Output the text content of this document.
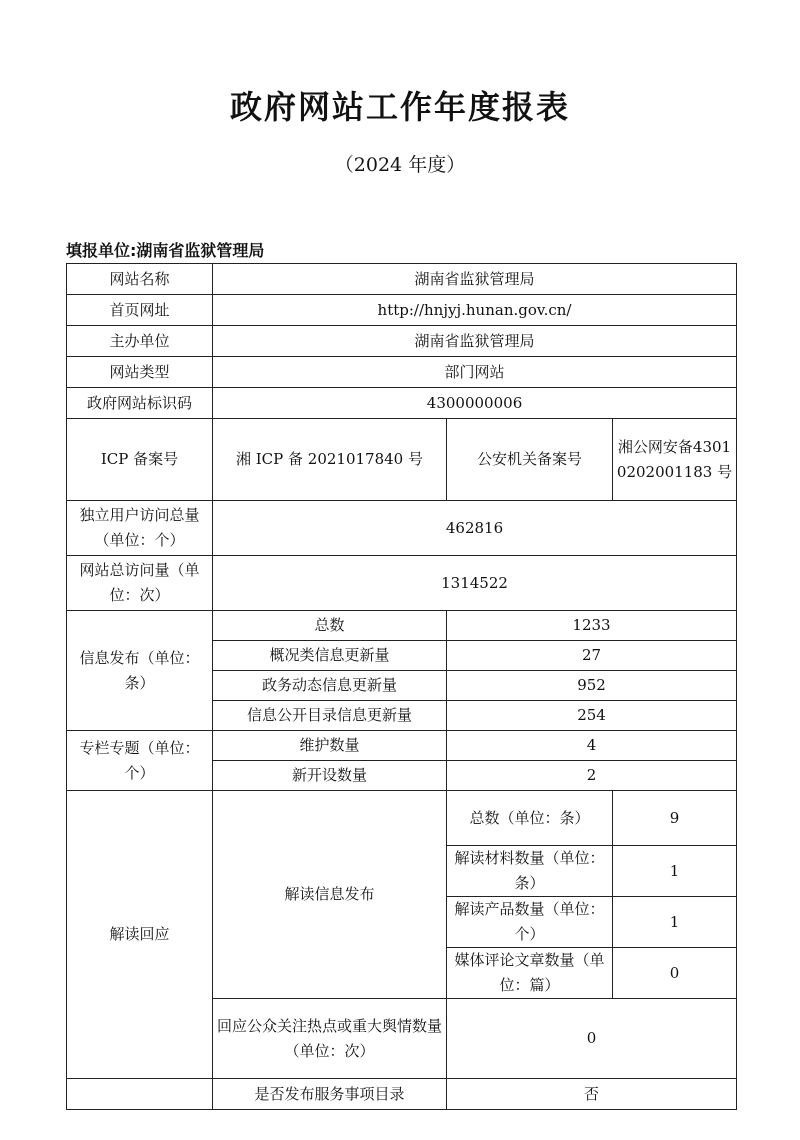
政府网站工作年度报表

（2024 年度）

填报单位:湖南省监狱管理局
网站名称	湖南省监狱管理局		
首页网址	http://hnjyj.hunan.gov.cn/		
主办单位	湖南省监狱管理局		
网站类型	部门网站		
政府网站标识码	4300000006		
ICP 备案号	湘 ICP 备 2021017840 号	公安机关备案号	湘公网安备43010202001183 号
独立用户访问总量（单位：个）	462816		
网站总访问量（单位：次）	1314522		
信息发布（单位：条）	总数	1233	
	概况类信息更新量	27	
	政务动态信息更新量	952	
	信息公开目录信息更新量	254	
专栏专题（单位：个）	维护数量	4	
	新开设数量	2	
解读回应	解读信息发布	总数（单位：条）	9
		解读材料数量（单位：条）	1
		解读产品数量（单位：个）	1
		媒体评论文章数量（单位：篇）	0
	回应公众关注热点或重大舆情数量（单位：次）	0	
	是否发布服务事项目录	否	
